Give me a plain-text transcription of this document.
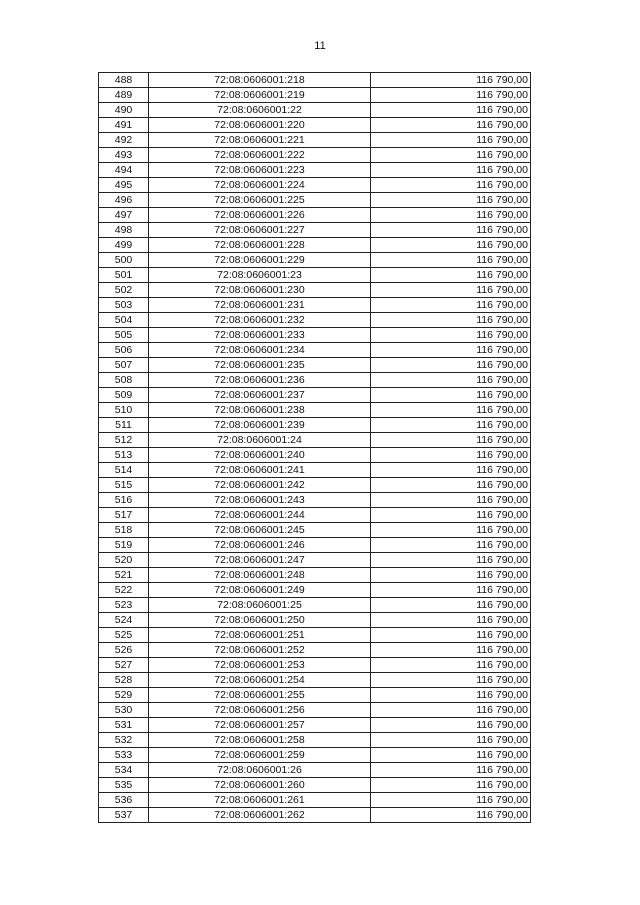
11
488	72:08:0606001:218	116 790,00
489	72:08:0606001:219	116 790,00
490	72:08:0606001:22	116 790,00
491	72:08:0606001:220	116 790,00
492	72:08:0606001:221	116 790,00
493	72:08:0606001:222	116 790,00
494	72:08:0606001:223	116 790,00
495	72:08:0606001:224	116 790,00
496	72:08:0606001:225	116 790,00
497	72:08:0606001:226	116 790,00
498	72:08:0606001:227	116 790,00
499	72:08:0606001:228	116 790,00
500	72:08:0606001:229	116 790,00
501	72:08:0606001:23	116 790,00
502	72:08:0606001:230	116 790,00
503	72:08:0606001:231	116 790,00
504	72:08:0606001:232	116 790,00
505	72:08:0606001:233	116 790,00
506	72:08:0606001:234	116 790,00
507	72:08:0606001:235	116 790,00
508	72:08:0606001:236	116 790,00
509	72:08:0606001:237	116 790,00
510	72:08:0606001:238	116 790,00
511	72:08:0606001:239	116 790,00
512	72:08:0606001:24	116 790,00
513	72:08:0606001:240	116 790,00
514	72:08:0606001:241	116 790,00
515	72:08:0606001:242	116 790,00
516	72:08:0606001:243	116 790,00
517	72:08:0606001:244	116 790,00
518	72:08:0606001:245	116 790,00
519	72:08:0606001:246	116 790,00
520	72:08:0606001:247	116 790,00
521	72:08:0606001:248	116 790,00
522	72:08:0606001:249	116 790,00
523	72:08:0606001:25	116 790,00
524	72:08:0606001:250	116 790,00
525	72:08:0606001:251	116 790,00
526	72:08:0606001:252	116 790,00
527	72:08:0606001:253	116 790,00
528	72:08:0606001:254	116 790,00
529	72:08:0606001:255	116 790,00
530	72:08:0606001:256	116 790,00
531	72:08:0606001:257	116 790,00
532	72:08:0606001:258	116 790,00
533	72:08:0606001:259	116 790,00
534	72:08:0606001:26	116 790,00
535	72:08:0606001:260	116 790,00
536	72:08:0606001:261	116 790,00
537	72:08:0606001:262	116 790,00
